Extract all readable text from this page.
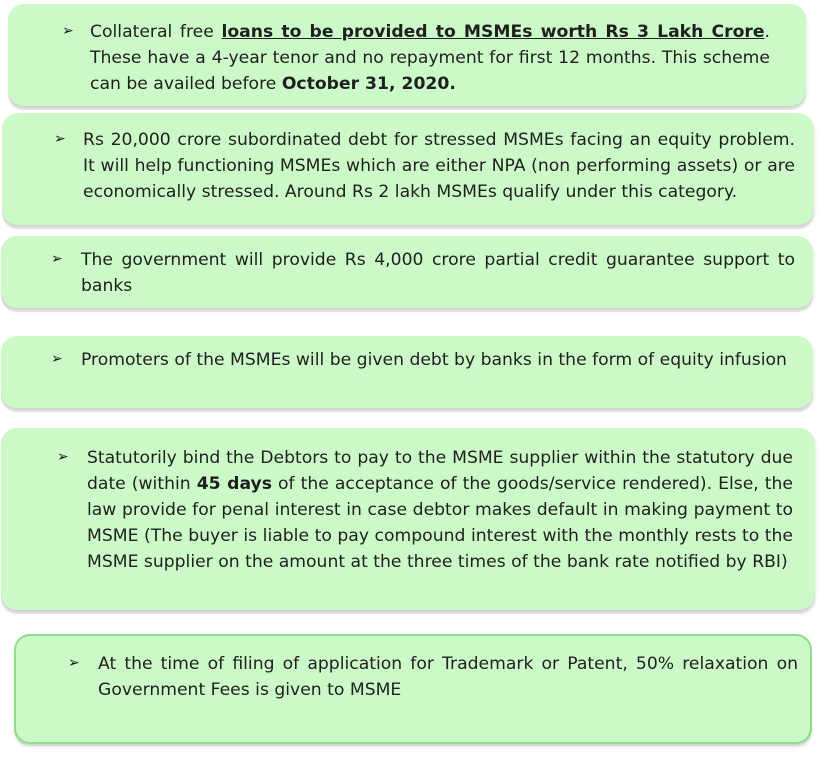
➢ Collateral free loans to be provided to MSMEs worth Rs 3 Lakh Crore. These have a 4-year tenor and no repayment for first 12 months. This scheme can be availed before October 31, 2020.

➢ Rs 20,000 crore subordinated debt for stressed MSMEs facing an equity problem. It will help functioning MSMEs which are either NPA (non performing assets) or are economically stressed. Around Rs 2 lakh MSMEs qualify under this category.

➢ The government will provide Rs 4,000 crore partial credit guarantee support to banks

➢ Promoters of the MSMEs will be given debt by banks in the form of equity infusion

➢ Statutorily bind the Debtors to pay to the MSME supplier within the statutory due date (within 45 days of the acceptance of the goods/service rendered). Else, the law provide for penal interest in case debtor makes default in making payment to MSME (The buyer is liable to pay compound interest with the monthly rests to the MSME supplier on the amount at the three times of the bank rate notified by RBI)

➢ At the time of filing of application for Trademark or Patent, 50% relaxation on Government Fees is given to MSME
